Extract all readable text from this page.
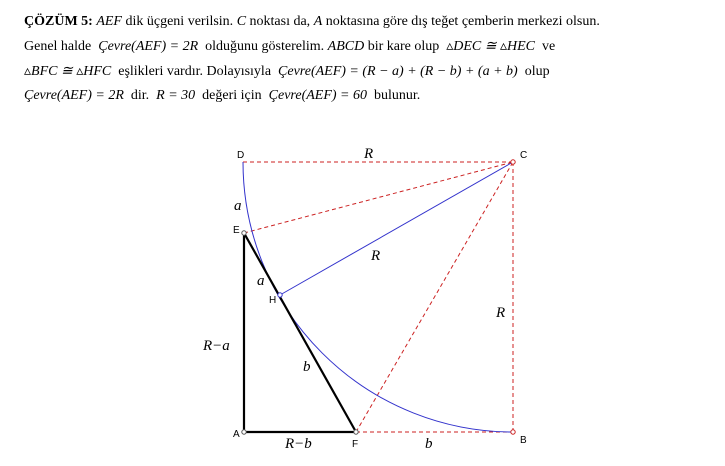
ÇÖZÜM 5: AEF dik üçgeni verilsin. C noktası da, A noktasına göre dış teğet çemberin merkezi olsun.
Genel halde  Çevre(AEF) = 2R  olduğunu gösterelim. ABCD bir kare olup  ▵DEC ≅ ▵HEC  ve
▵BFC ≅ ▵HFC  eşlikleri vardır. Dolayısıyla  Çevre(AEF) = (R − a) + (R − b) + (a + b)  olup
Çevre(AEF) = 2R  dir.  R = 30  değeri için  Çevre(AEF) = 60  bulunur.
D	C
E
H
A
F	B
R
R
R
a
a
b
b
R−a
R−b
